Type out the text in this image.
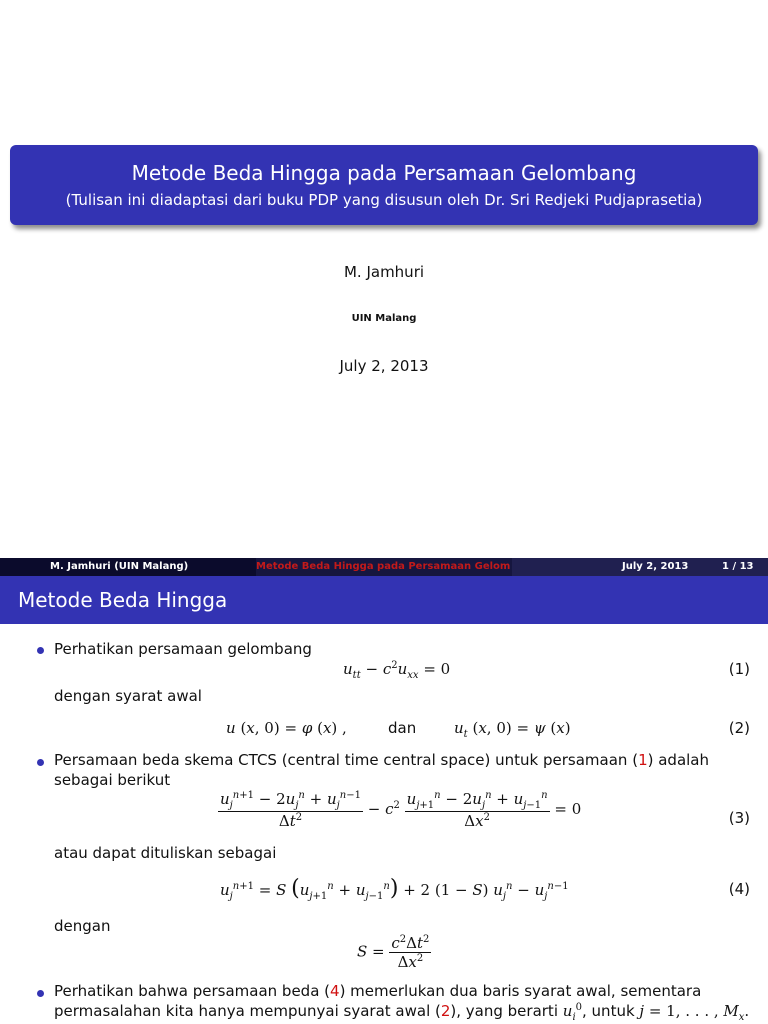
Metode Beda Hingga pada Persamaan Gelombang
(Tulisan ini diadaptasi dari buku PDP yang disusun oleh Dr. Sri Redjeki Pudjaprasetia)
M. Jamhuri
UIN Malang
July 2, 2013
M. Jamhuri (UIN Malang)	Metode Beda Hingga pada Persamaan Gelom	July 2, 2013	1 / 13
Metode Beda Hingga
Perhatikan persamaan gelombang
$u_{tt} - c^2u_{xx} = 0$	(1)
dengan syarat awal
u (x, 0) = φ (x) ,	dan	$u_t$ (x, 0) = ψ (x)	(2)
Persamaan beda skema CTCS (central time central space) untuk persamaan (1) adalah
sebagai berikut
$\frac{u_j^{n+1} - 2u_j^n + u_j^{n-1}}{\Delta t^2} - c^2 \frac{u_{j+1}^n - 2u_j^n + u_{j-1}^n}{\Delta x^2} = 0$	(3)
atau dapat dituliskan sebagai
$u_j^{n+1} = S$ $(u_{j+1}^n + u_{j-1}^n) + 2$ (1 − S) $u_j^n - u_j^{n-1}$	(4)
dengan
$S = \frac{c^2\Delta t^2}{\Delta x^2}$
Perhatikan bahwa persamaan beda (4) memerlukan dua baris syarat awal, sementara
permasalahan kita hanya mempunyai syarat awal (2), yang berarti $u_i^0$, untuk j = 1, . . . , $M_x$.
